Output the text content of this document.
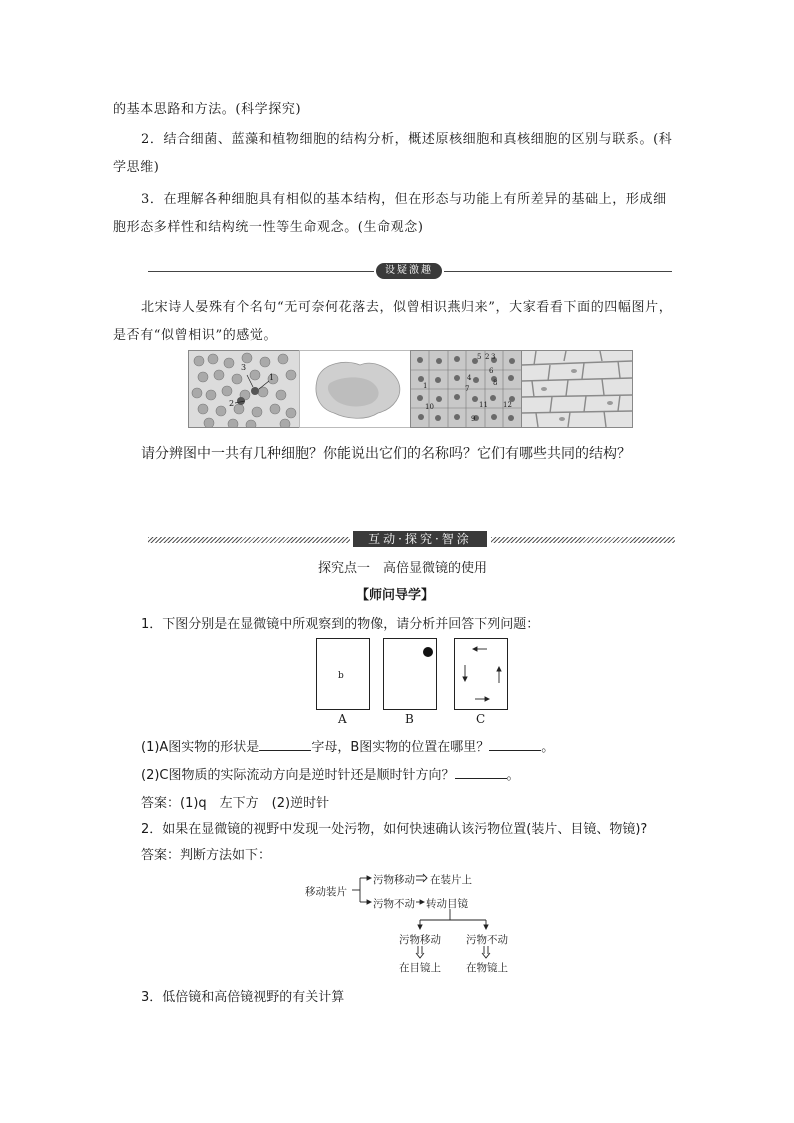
的基本思路和方法。(科学探究)
2．结合细菌、蓝藻和植物细胞的结构分析，概述原核细胞和真核细胞的区别与联系。(科
学思维)
3．在理解各种细胞具有相似的基本结构，但在形态与功能上有所差异的基础上，形成细
胞形态多样性和结构统一性等生命观念。(生命观念)
设疑激趣
北宋诗人晏殊有个名句“无可奈何花落去，似曾相识燕归来”，大家看看下面的四幅图片，
是否有“似曾相识”的感觉。
3
1
2
1
2 3
4
5
6
7
8
9
10	11 12
请分辨图中一共有几种细胞？你能说出它们的名称吗？它们有哪些共同的结构？
互动·探究·智涂
探究点一　高倍显微镜的使用
【师问导学】
1．下图分别是在显微镜中所观察到的物像，请分析并回答下列问题：
b
A	B	C
(1)A图实物的形状是	字母，B图实物的位置在哪里？	。
(2)C图物质的实际流动方向是逆时针还是顺时针方向？	。
答案：(1)q　左下方　(2)逆时针
2．如果在显微镜的视野中发现一处污物，如何快速确认该污物位置(装片、目镜、物镜)?
答案：判断方法如下：
移动装片
污物移动 在装片上
污物不动 转动目镜
污物移动 污物不动
在目镜上 在物镜上
3．低倍镜和高倍镜视野的有关计算
